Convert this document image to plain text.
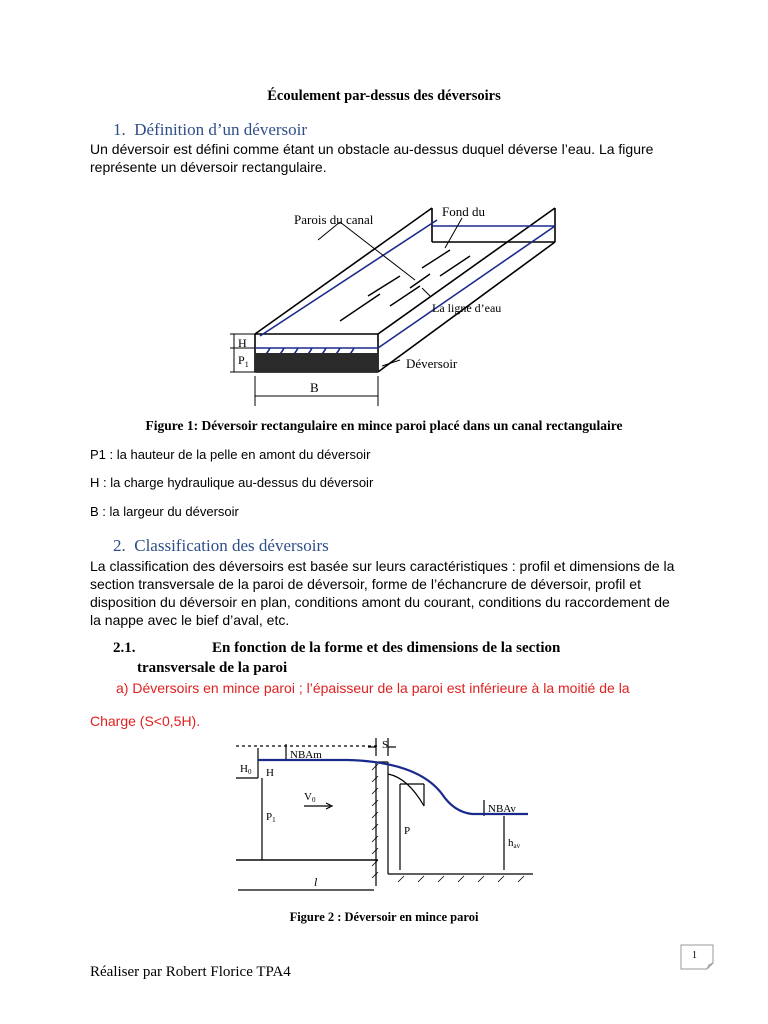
Écoulement par-dessus des déversoirs
1. Définition d’un déversoir
Un déversoir est défini comme étant un obstacle au-dessus duquel déverse l’eau. La figure représente un déversoir rectangulaire.
Parois du canal
Fond du
La ligne d’eau
Déversoir
H
$P_1$
B
Figure 1: Déversoir rectangulaire en mince paroi placé dans un canal rectangulaire
P1 : la hauteur de la pelle en amont du déversoir
H : la charge hydraulique au-dessus du déversoir
B : la largeur du déversoir
2. Classification des déversoirs
La classification des déversoirs est basée sur leurs caractéristiques : profil et dimensions de la section transversale de la paroi de déversoir, forme de l’échancrure de déversoir, profil et disposition du déversoir en plan, conditions amont du courant, conditions du raccordement de la nappe avec le bief d’aval, etc.
2.1.	En fonction de la forme et des dimensions de la section
transversale de la paroi
a) Déversoirs en mince paroi ; l’épaisseur de la paroi est inférieure à la moitié de la
Charge (S<0,5H).
S
NBAm
H0 H
V0
P1
P
NBAv
hav
l
Figure 2 : Déversoir en mince paroi
1
Réaliser par Robert Florice TPA4
